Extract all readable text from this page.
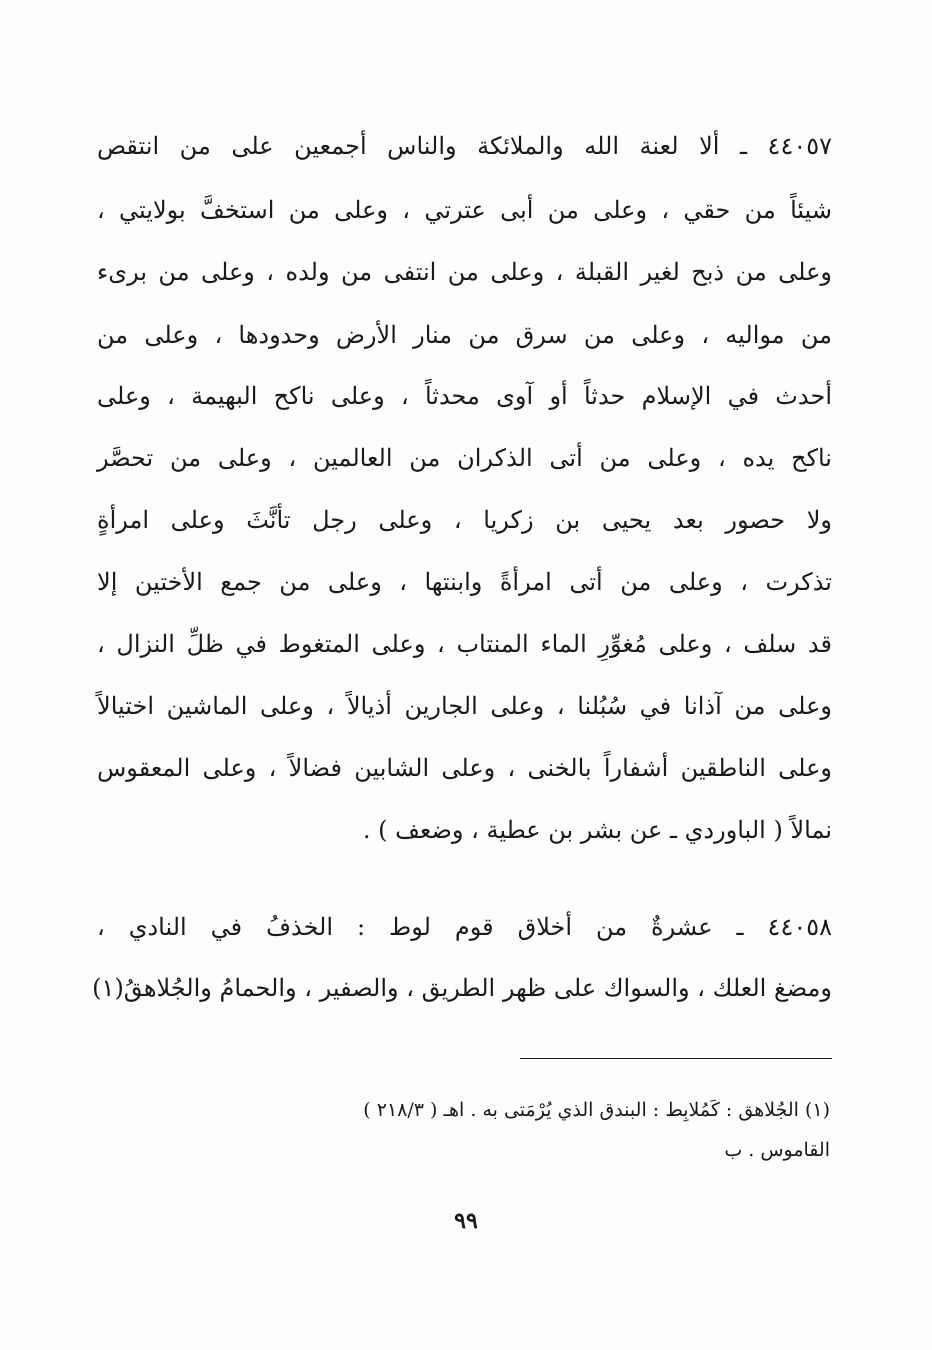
٤٤٠٥٧ ـ ألا لعنة الله والملائكة والناس أجمعين على من انتقص
شيئاً من حقي ، وعلى من أبى عترتي ، وعلى من استخفَّ بولايتي ،
وعلى من ذبح لغير القبلة ، وعلى من انتفى من ولده ، وعلى من برىء
من مواليه ، وعلى من سرق من منار الأرض وحدودها ، وعلى من
أحدث في الإسلام حدثاً أو آوى محدثاً ، وعلى ناكح البهيمة ، وعلى
ناكح يده ، وعلى من أتى الذكران من العالمين ، وعلى من تحصَّر
ولا حصور بعد يحيى بن زكريا ، وعلى رجل تأنَّثَ وعلى امرأةٍ
تذكرت ، وعلى من أتى امرأةً وابنتها ، وعلى من جمع الأختين إلا
قد سلف ، وعلى مُغوِّرِ الماء المنتاب ، وعلى المتغوط في ظلِّ النزال ،
وعلى من آذانا في سُبُلنا ، وعلى الجارين أذيالاً ، وعلى الماشين اختيالاً
وعلى الناطقين أشفاراً بالخنى ، وعلى الشابين فضالاً ، وعلى المعقوس
نمالاً ( الباوردي ـ عن بشر بن عطية ، وضعف ) .
٤٤٠٥٨ ـ عشرةٌ من أخلاق قوم لوط : الخذفُ في النادي ،
ومضغ العلك ، والسواك على ظهر الطريق ، والصفير ، والحمامُ والجُلاهقُ(١)
(١) الجُلاهق : كَمُلابِط : البندق الذي يُرْمَتى به . اهـ ( ٢١٨/٣ )
القاموس . ب
٩٩
